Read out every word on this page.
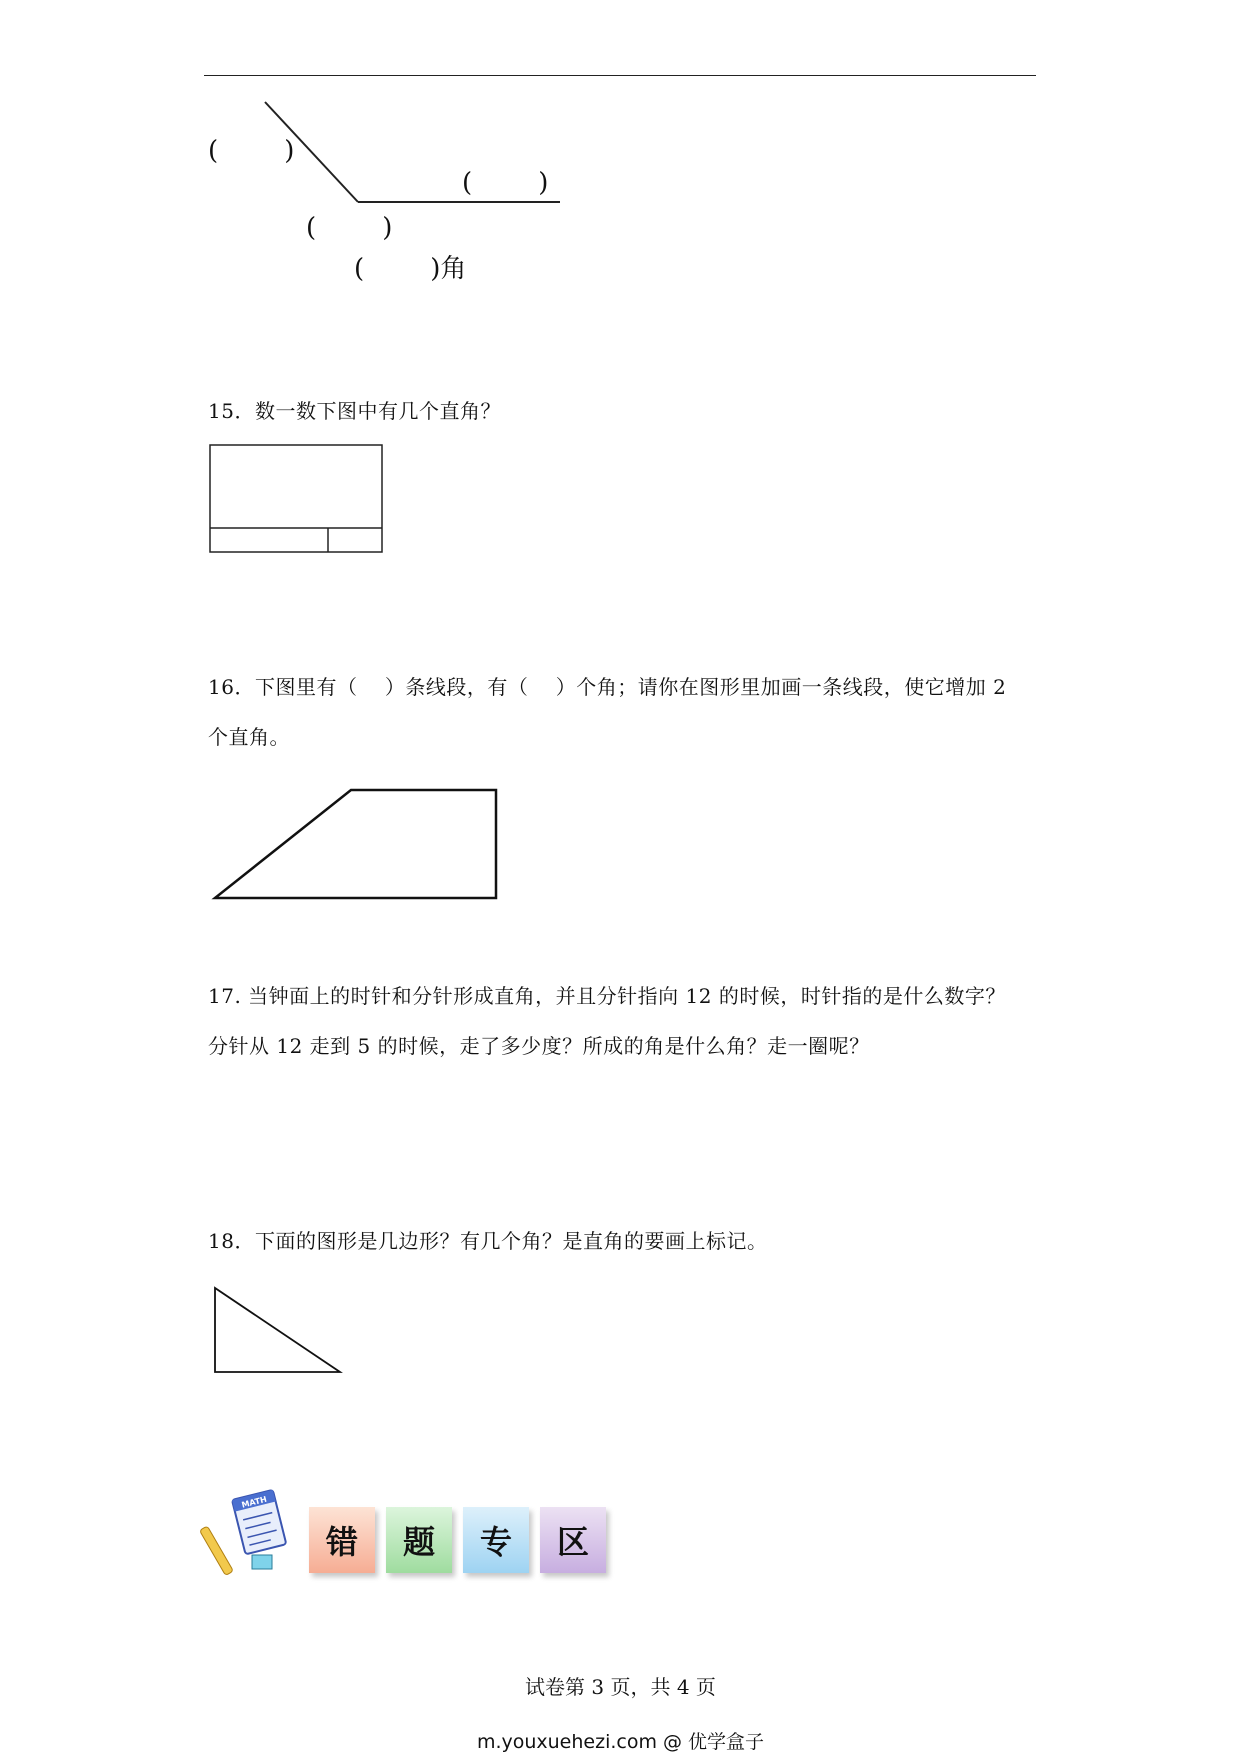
(        )
(        )
(        )
(        )角
15．数一数下图中有几个直角？
16．下图里有（    ）条线段，有（    ）个角；请你在图形里加画一条线段，使它增加 2
个直角。
17. 当钟面上的时针和分针形成直角，并且分针指向 12 的时候，时针指的是什么数字？
分针从 12 走到 5 的时候，走了多少度？所成的角是什么角？走一圈呢？
18．下面的图形是几边形？有几个角？是直角的要画上标记。
MATH
错	题	专	区
试卷第 3 页，共 4 页
m.youxuehezi.com @ 优学盒子
